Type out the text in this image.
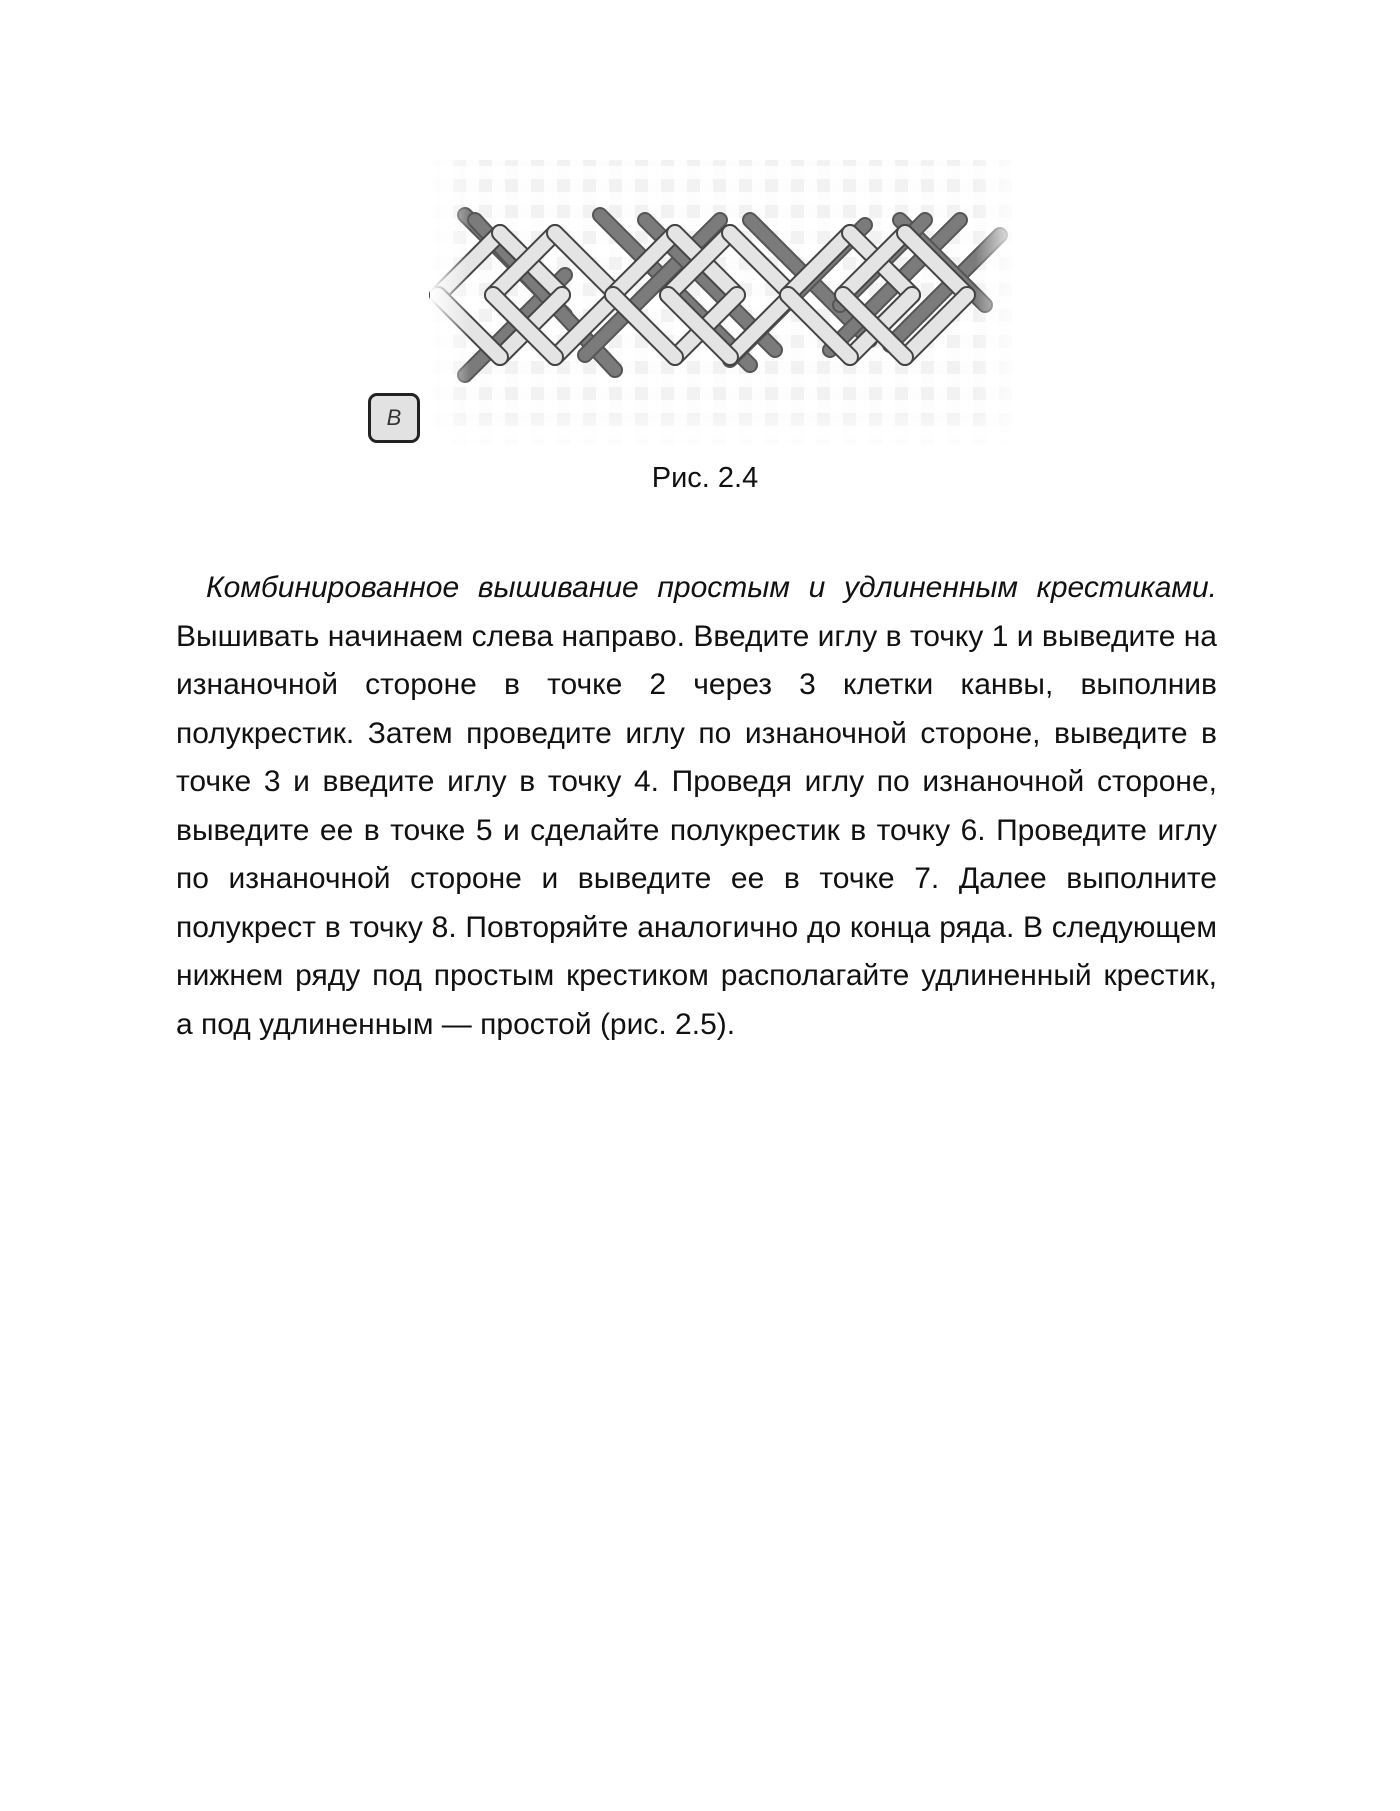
В
Рис. 2.4

Комбинированное вышивание простым и удлиненным крестиками. Вышивать начинаем слева направо. Введите иглу в точку 1 и выведите на изнаночной стороне в точке 2 через 3 клетки канвы, выполнив полукрестик. Затем проведите иглу по изнаночной стороне, выведите в точке 3 и введите иглу в точку 4. Проведя иглу по изнаночной стороне, выведите ее в точке 5 и сделайте полукрестик в точку 6. Проведите иглу по изнаночной стороне и выведите ее в точке 7. Далее выполните полукрест в точку 8. Повторяйте аналогично до конца ряда. В следующем нижнем ряду под простым крестиком располагайте удлиненный крестик, а под удлиненным — простой (рис. 2.5).
